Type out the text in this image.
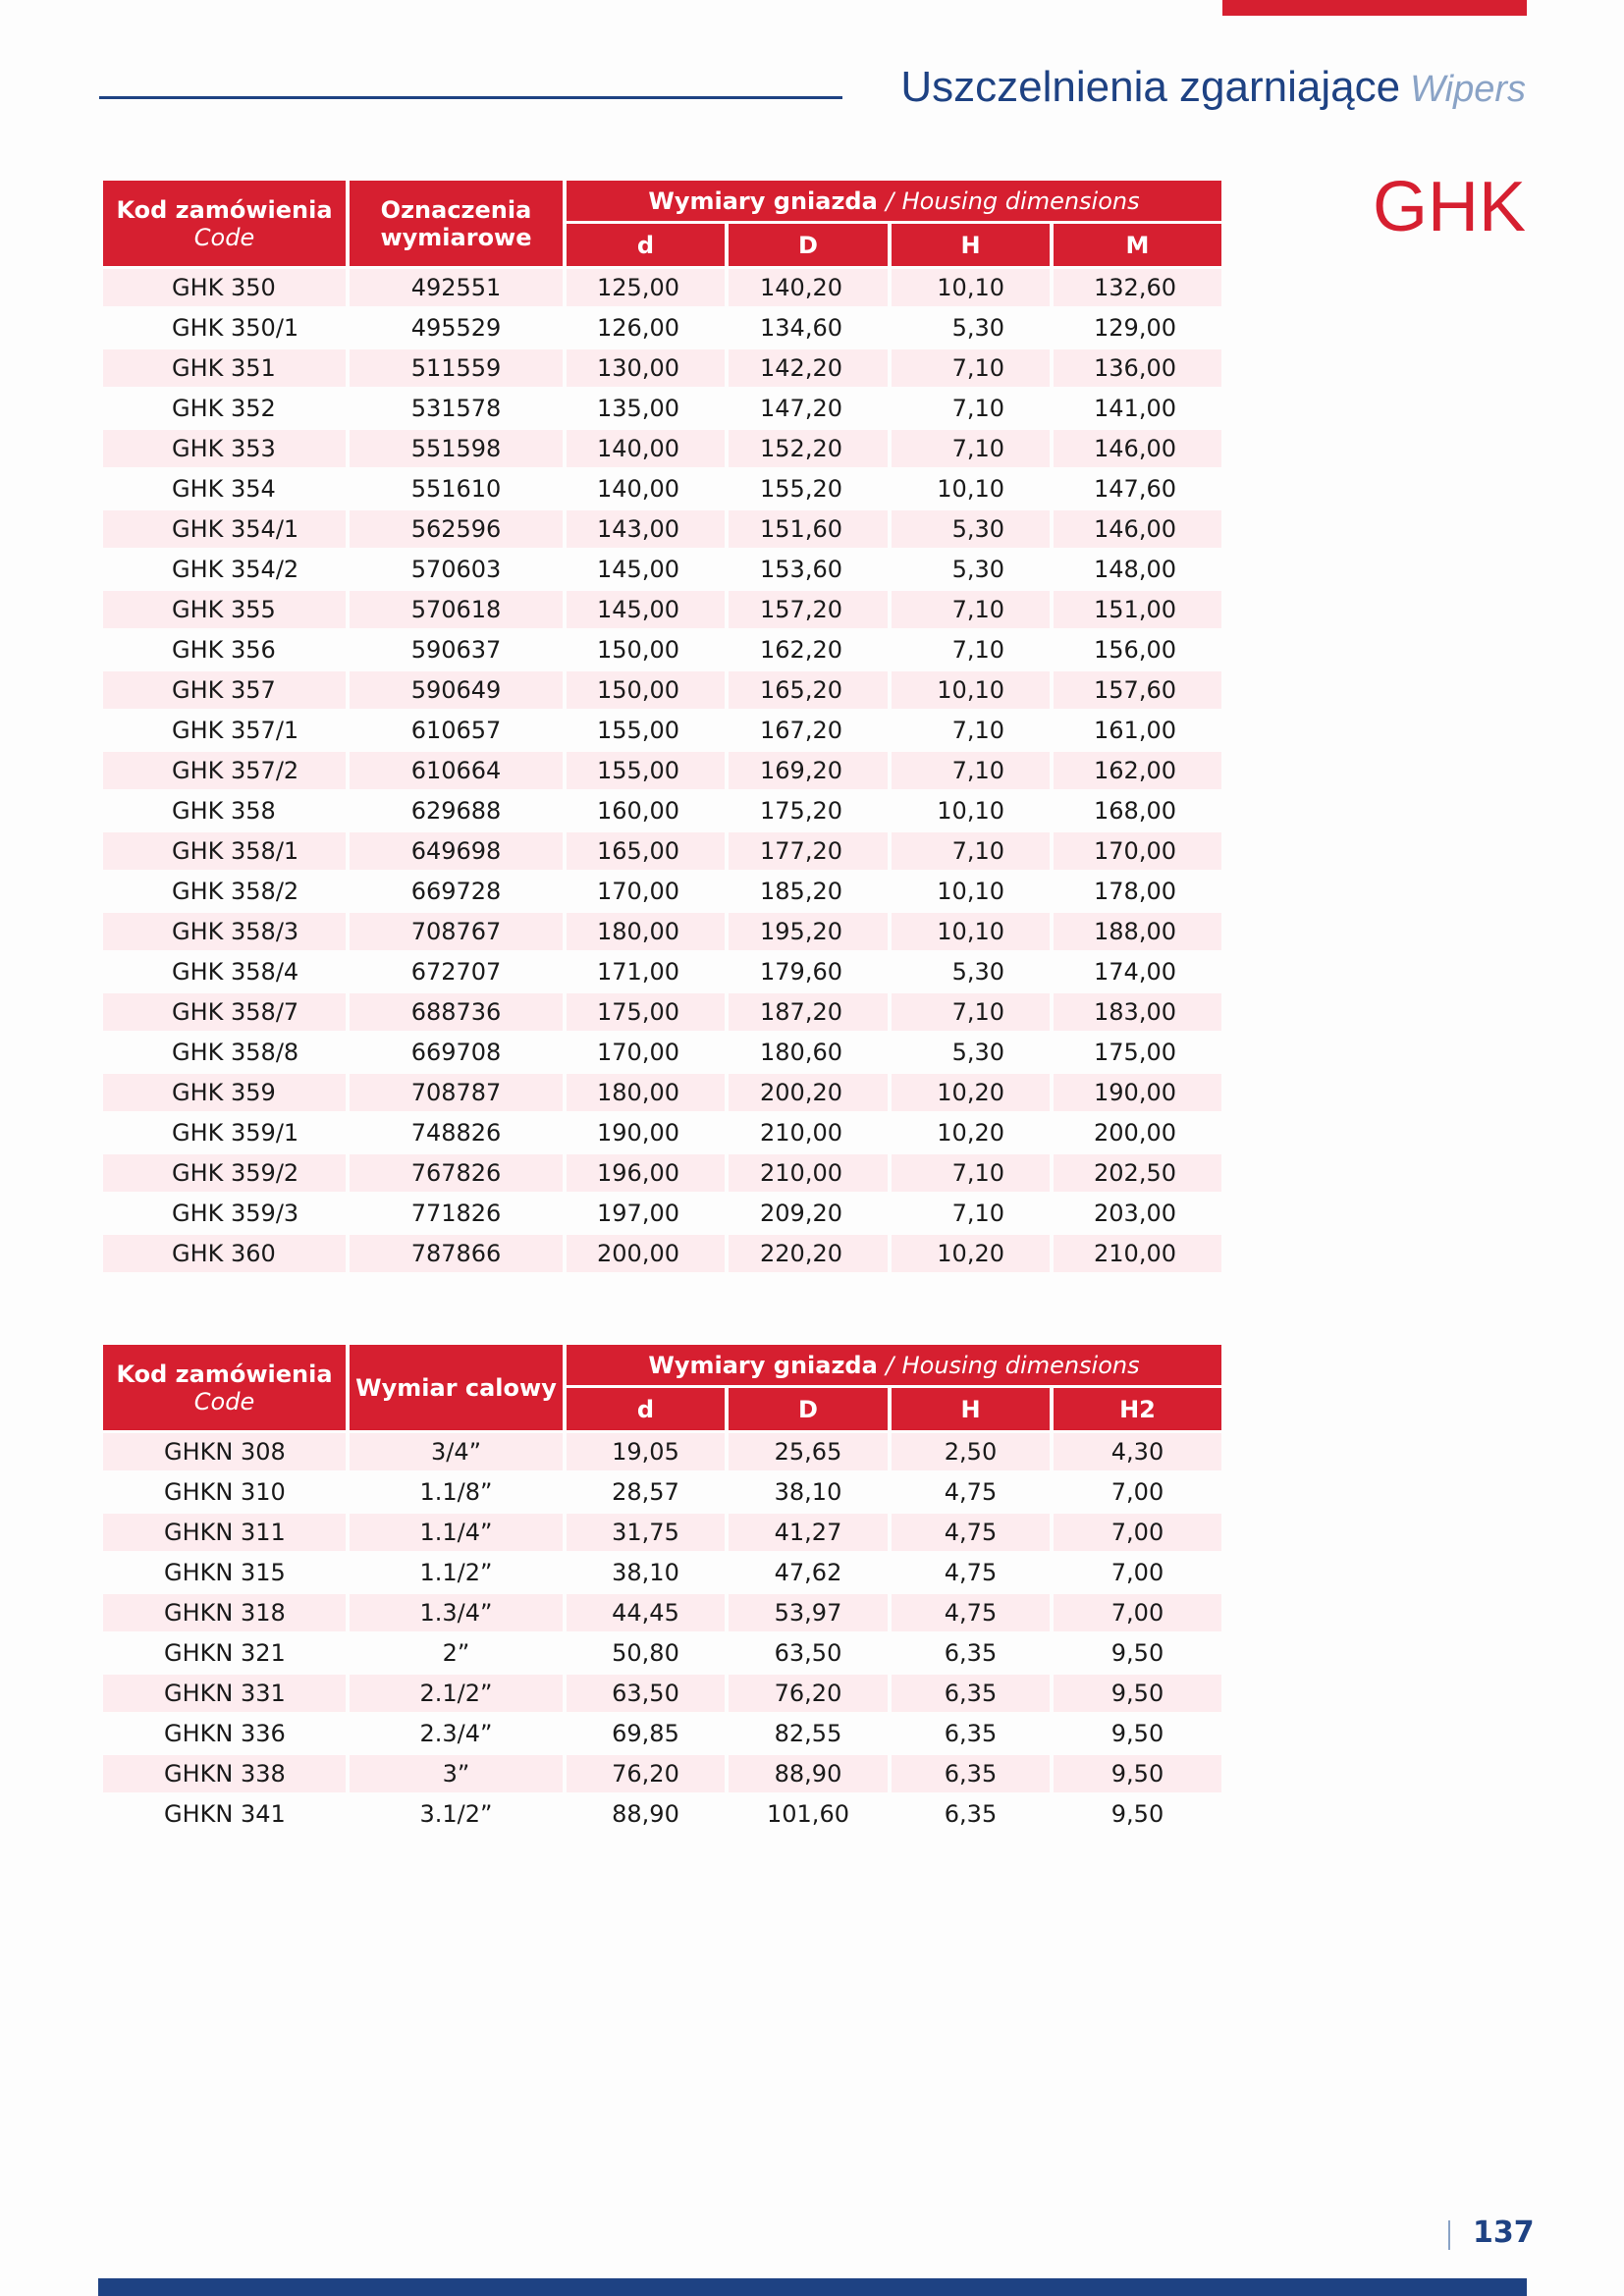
Uszczelnienia zgarniające Wipers
GHK
Kod zamówienia
Code	Oznaczenia wymiarowe	Wymiary gniazda / Housing dimensions			
		d	D	H	M
GHK 350	492551	125,00	140,20	10,10	132,60
GHK 350/1	495529	126,00	134,60	5,30	129,00
GHK 351	511559	130,00	142,20	7,10	136,00
GHK 352	531578	135,00	147,20	7,10	141,00
GHK 353	551598	140,00	152,20	7,10	146,00
GHK 354	551610	140,00	155,20	10,10	147,60
GHK 354/1	562596	143,00	151,60	5,30	146,00
GHK 354/2	570603	145,00	153,60	5,30	148,00
GHK 355	570618	145,00	157,20	7,10	151,00
GHK 356	590637	150,00	162,20	7,10	156,00
GHK 357	590649	150,00	165,20	10,10	157,60
GHK 357/1	610657	155,00	167,20	7,10	161,00
GHK 357/2	610664	155,00	169,20	7,10	162,00
GHK 358	629688	160,00	175,20	10,10	168,00
GHK 358/1	649698	165,00	177,20	7,10	170,00
GHK 358/2	669728	170,00	185,20	10,10	178,00
GHK 358/3	708767	180,00	195,20	10,10	188,00
GHK 358/4	672707	171,00	179,60	5,30	174,00
GHK 358/7	688736	175,00	187,20	7,10	183,00
GHK 358/8	669708	170,00	180,60	5,30	175,00
GHK 359	708787	180,00	200,20	10,20	190,00
GHK 359/1	748826	190,00	210,00	10,20	200,00
GHK 359/2	767826	196,00	210,00	7,10	202,50
GHK 359/3	771826	197,00	209,20	7,10	203,00
GHK 360	787866	200,00	220,20	10,20	210,00
Kod zamówienia
Code	Wymiar calowy	Wymiary gniazda / Housing dimensions			
		d	D	H	H2
GHKN 308	3/4”	19,05	25,65	2,50	4,30
GHKN 310	1.1/8”	28,57	38,10	4,75	7,00
GHKN 311	1.1/4”	31,75	41,27	4,75	7,00
GHKN 315	1.1/2”	38,10	47,62	4,75	7,00
GHKN 318	1.3/4”	44,45	53,97	4,75	7,00
GHKN 321	2”	50,80	63,50	6,35	9,50
GHKN 331	2.1/2”	63,50	76,20	6,35	9,50
GHKN 336	2.3/4”	69,85	82,55	6,35	9,50
GHKN 338	3”	76,20	88,90	6,35	9,50
GHKN 341	3.1/2”	88,90	101,60	6,35	9,50
137
